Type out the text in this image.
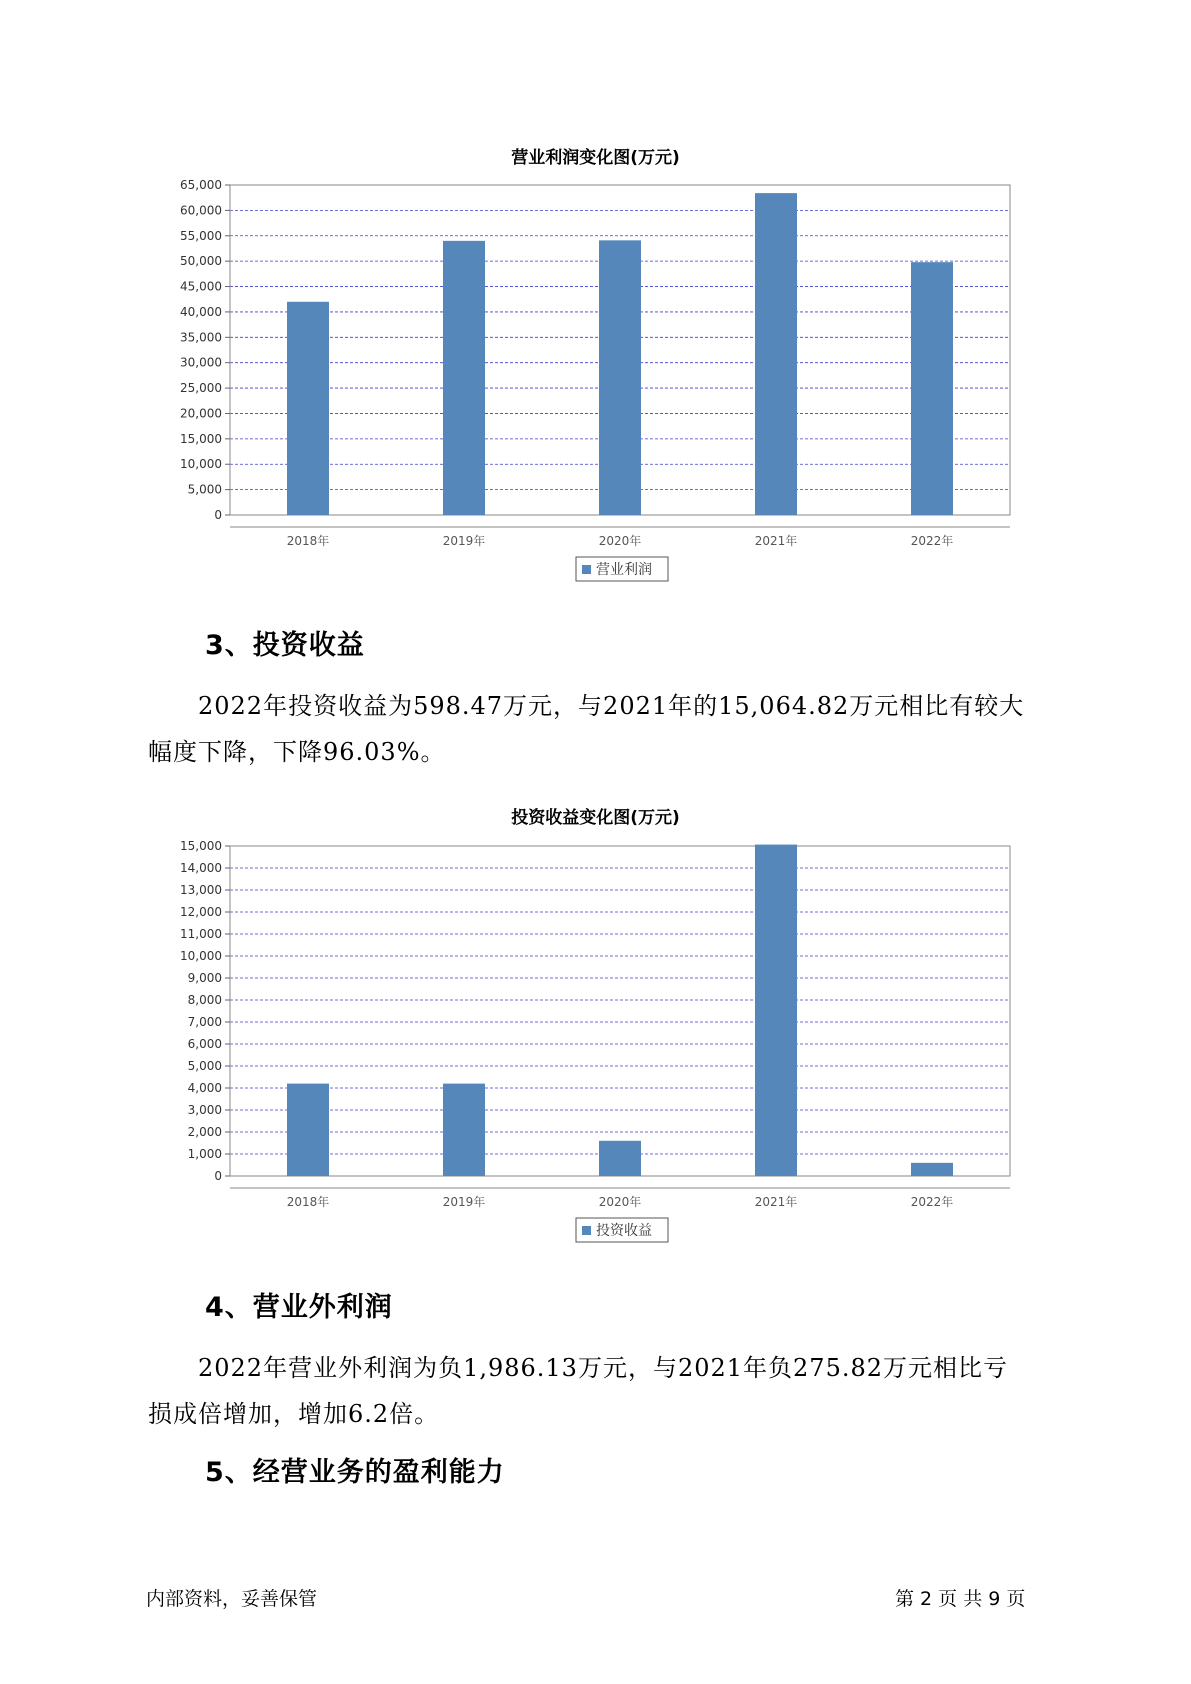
营业利润变化图(万元)
0
5,000
10,000
15,000
20,000
25,000
30,000
35,000
40,000
45,000
50,000
55,000
60,000
65,000
2018年	2019年	2020年	2021年	2022年
营业利润
3、投资收益
2022年投资收益为598.47万元，与2021年的15,064.82万元相比有较大
幅度下降，下降96.03%。
投资收益变化图(万元)
0
1,000
2,000
3,000
4,000
5,000
6,000
7,000
8,000
9,000
10,000
11,000
12,000
13,000
14,000
15,000
2018年	2019年	2020年	2021年	2022年
投资收益
4、营业外利润
2022年营业外利润为负1,986.13万元，与2021年负275.82万元相比亏
损成倍增加，增加6.2倍。
5、经营业务的盈利能力
内部资料，妥善保管	第 2 页 共 9 页
